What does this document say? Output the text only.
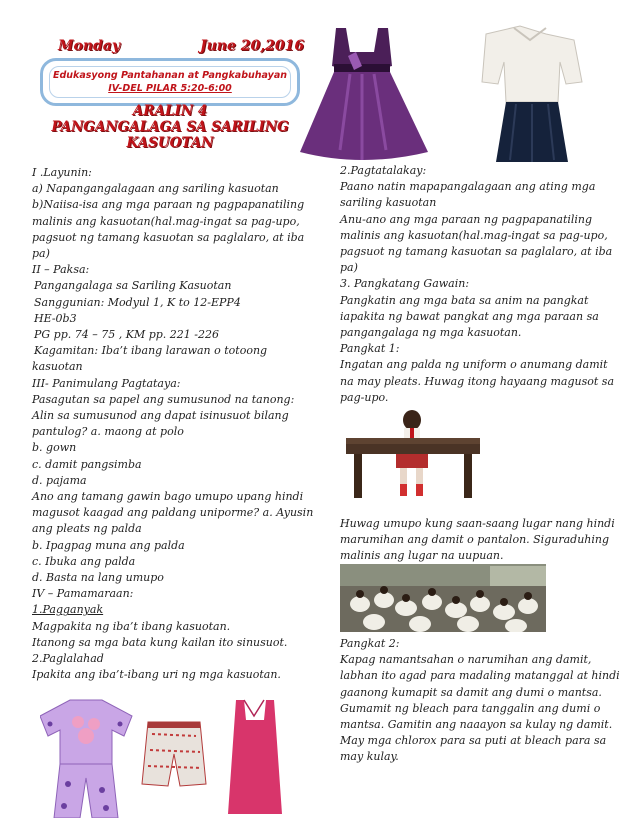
Monday	June 20,2016
Edukasyong Pantahanan at Pangkabuhayan
IV-DEL PILAR 5:20-6:00
ARALIN 4
PANGANGALAGA SA SARILING
KASUOTAN
I .Layunin:
a) Napangangalagaan ang sariling kasuotan
b)Naiisa-isa ang mga paraan ng pagpapanatiling
malinis ang kasuotan(hal.mag-ingat sa pag-upo,
pagsuot ng tamang kasuotan sa paglalaro, at iba
pa)
II – Paksa:
Pangangalaga sa Sariling Kasuotan
Sanggunian: Modyul 1, K to 12-EPP4
HE-0b3
PG pp. 74 – 75 , KM pp. 221 -226
Kagamitan: Iba’t ibang larawan o totoong
kasuotan
III- Panimulang Pagtataya:
Pasagutan sa papel ang sumusunod na tanong:
Alin sa sumusunod ang dapat isinusuot bilang
pantulog? a. maong at polo
b. gown
c. damit pangsimba
d. pajama
Ano ang tamang gawin bago umupo upang hindi
magusot kaagad ang paldang uniporme? a. Ayusin
ang pleats ng palda
b. Ipagpag muna ang palda
c. Ibuka ang palda
d. Basta na lang umupo
IV – Pamamaraan:
1.Pagganyak
Magpakita ng iba’t ibang kasuotan.
Itanong sa mga bata kung kailan ito sinusuot.
2.Paglalahad
Ipakita ang iba’t-ibang uri ng mga kasuotan.
2.Pagtatalakay:
Paano natin mapapangalagaan ang ating mga
sariling kasuotan
Anu-ano ang mga paraan ng pagpapanatiling
malinis ang kasuotan(hal.mag-ingat sa pag-upo,
pagsuot ng tamang kasuotan sa paglalaro, at iba
pa)
3. Pangkatang Gawain:
Pangkatin ang mga bata sa anim na pangkat
iapakita ng bawat pangkat ang mga paraan sa
pangangalaga ng mga kasuotan.
Pangkat 1:
Ingatan ang palda ng uniform o anumang damit
na may pleats. Huwag itong hayaang magusot sa
pag-upo.
Huwag umupo kung saan-saang lugar nang hindi
marumihan ang damit o pantalon. Siguraduhing
malinis ang lugar na uupuan.
Pangkat 2:
Kapag namantsahan o narumihan ang damit,
labhan ito agad para madaling matanggal at hindi
gaanong kumapit sa damit ang dumi o mantsa.
Gumamit ng bleach para tanggalin ang dumi o
mantsa. Gamitin ang naaayon sa kulay ng damit.
May mga chlorox para sa puti at bleach para sa
may kulay.
